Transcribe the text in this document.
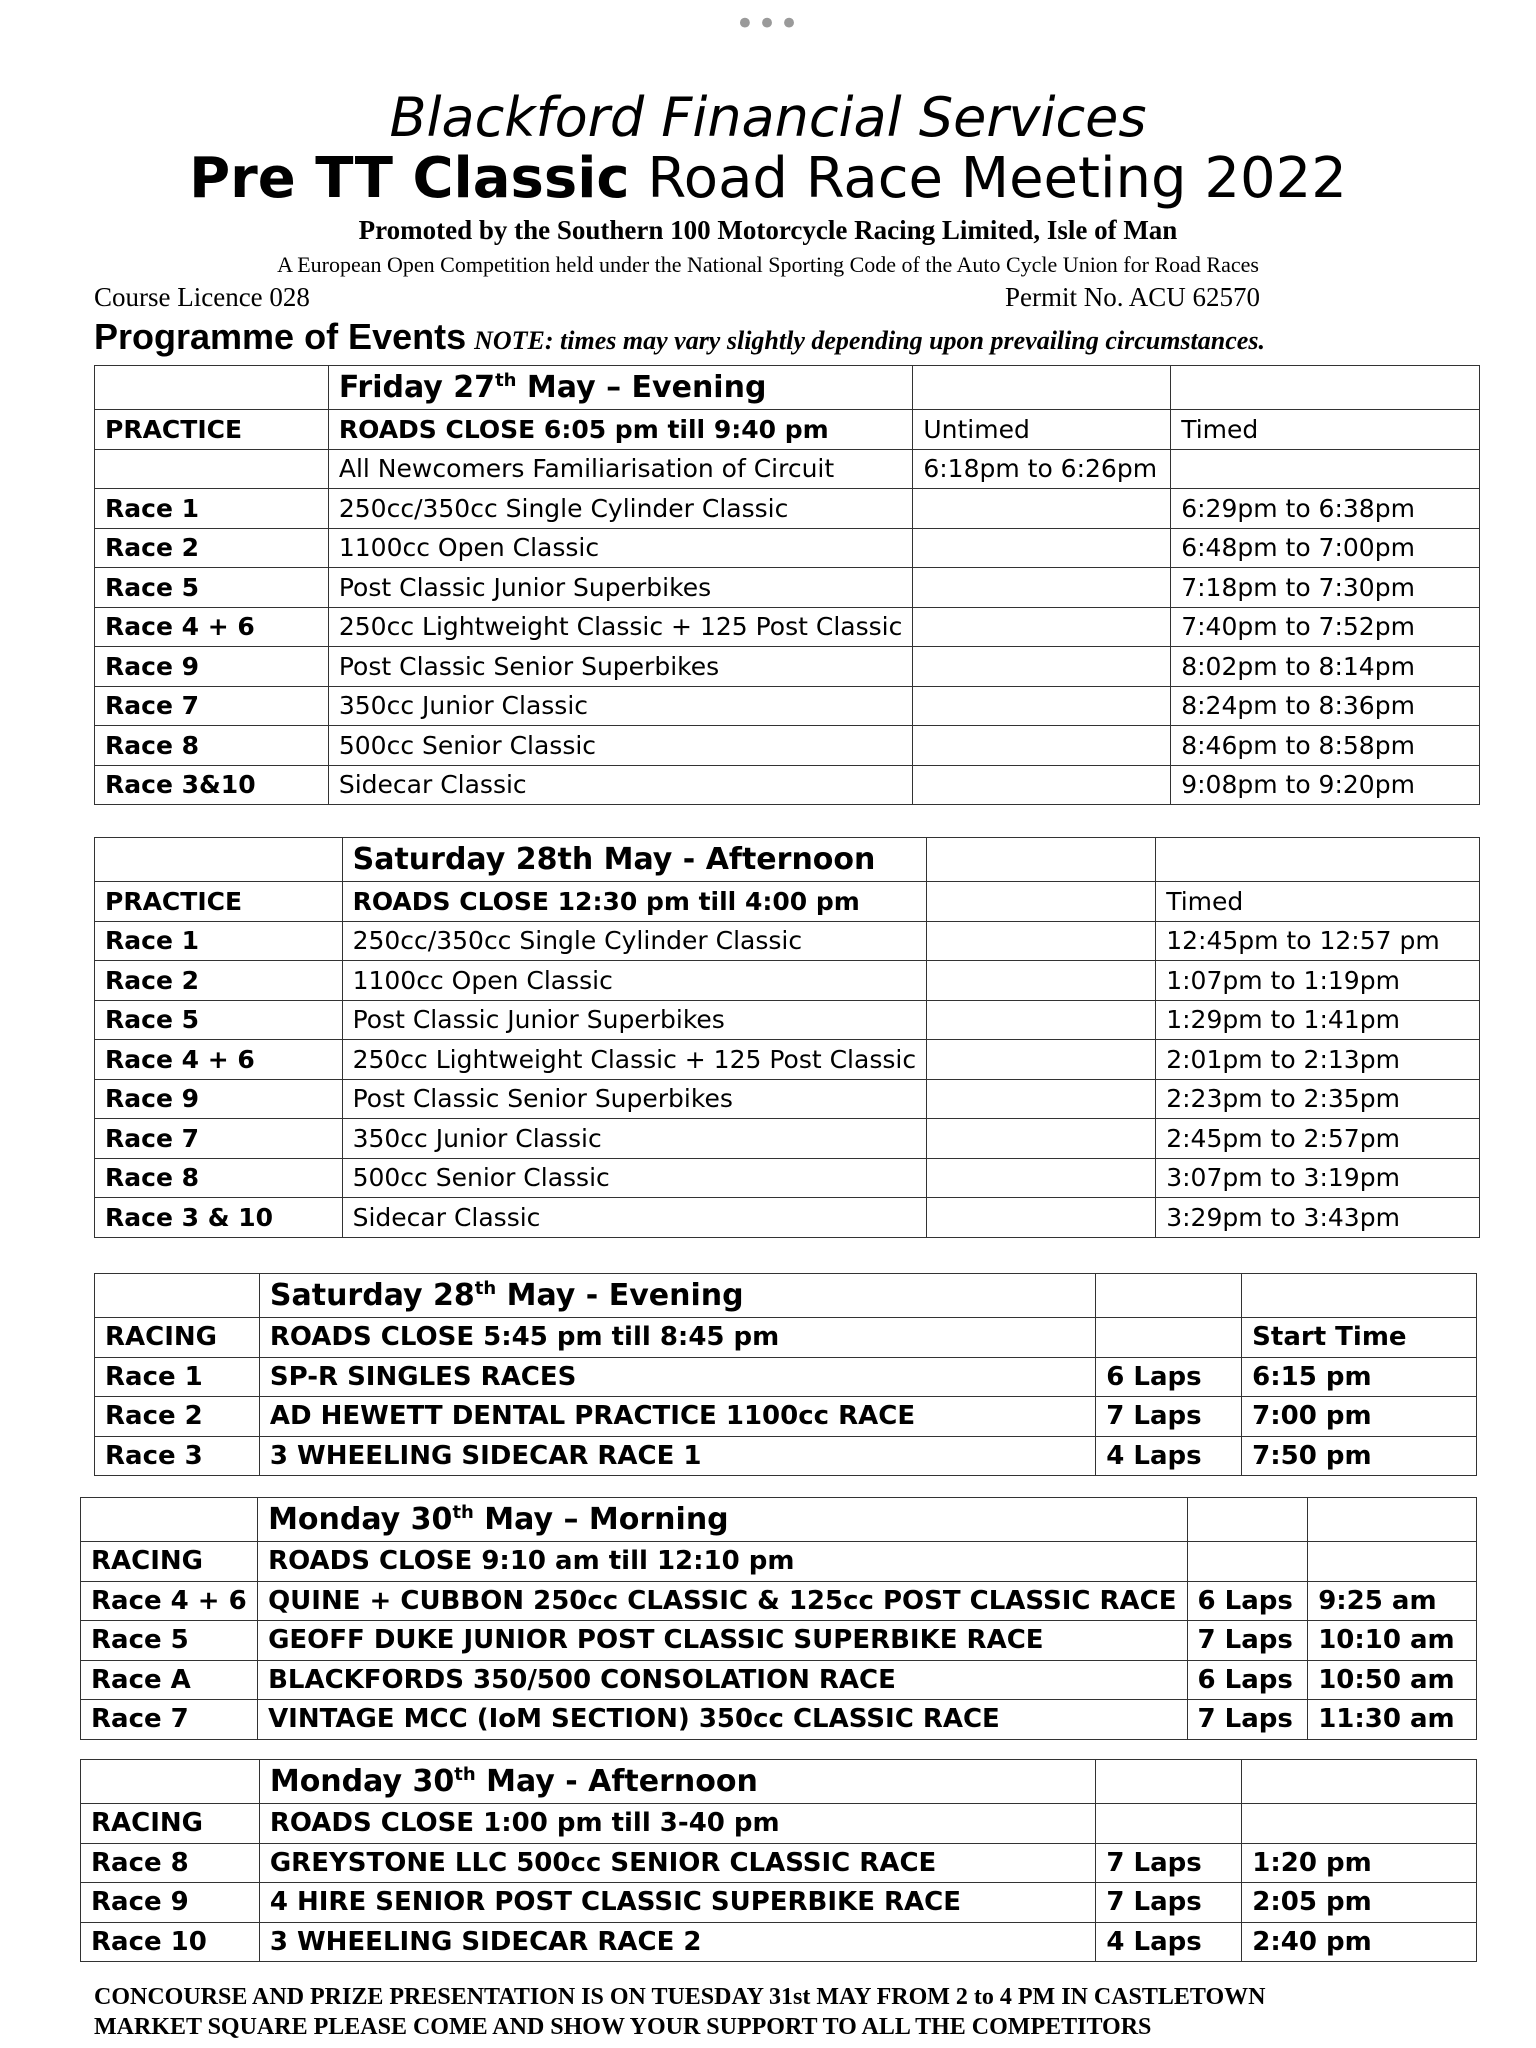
•••
Blackford Financial Services
Pre TT Classic Road Race Meeting 2022
Promoted by the Southern 100 Motorcycle Racing Limited, Isle of Man
A European Open Competition held under the National Sporting Code of the Auto Cycle Union for Road Races
Course Licence 028	Permit No. ACU 62570
Programme of Events NOTE: times may vary slightly depending upon prevailing circumstances.
	Friday 27th May – Evening		
PRACTICE	ROADS CLOSE 6:05 pm till 9:40 pm	Untimed	Timed
	All Newcomers Familiarisation of Circuit	6:18pm to 6:26pm	
Race 1	250cc/350cc Single Cylinder Classic		6:29pm to 6:38pm
Race 2	1100cc Open Classic		6:48pm to 7:00pm
Race 5	Post Classic Junior Superbikes		7:18pm to 7:30pm
Race 4 + 6	250cc Lightweight Classic + 125 Post Classic		7:40pm to 7:52pm
Race 9	Post Classic Senior Superbikes		8:02pm to 8:14pm
Race 7	350cc Junior Classic		8:24pm to 8:36pm
Race 8	500cc Senior Classic		8:46pm to 8:58pm
Race 3&10	Sidecar Classic		9:08pm to 9:20pm
	Saturday 28th May - Afternoon		
PRACTICE	ROADS CLOSE 12:30 pm till 4:00 pm		Timed
Race 1	250cc/350cc Single Cylinder Classic		12:45pm to 12:57 pm
Race 2	1100cc Open Classic		1:07pm to 1:19pm
Race 5	Post Classic Junior Superbikes		1:29pm to 1:41pm
Race 4 + 6	250cc Lightweight Classic + 125 Post Classic		2:01pm to 2:13pm
Race 9	Post Classic Senior Superbikes		2:23pm to 2:35pm
Race 7	350cc Junior Classic		2:45pm to 2:57pm
Race 8	500cc Senior Classic		3:07pm to 3:19pm
Race 3 & 10	Sidecar Classic		3:29pm to 3:43pm
	Saturday 28th May - Evening		
RACING	ROADS CLOSE 5:45 pm till 8:45 pm		Start Time
Race 1	SP-R SINGLES RACES	6 Laps	6:15 pm
Race 2	AD HEWETT DENTAL PRACTICE 1100cc RACE	7 Laps	7:00 pm
Race 3	3 WHEELING SIDECAR RACE 1	4 Laps	7:50 pm
	Monday 30th May – Morning		
RACING	ROADS CLOSE 9:10 am till 12:10 pm		
Race 4 + 6	QUINE + CUBBON 250cc CLASSIC & 125cc POST CLASSIC RACE	6 Laps	9:25 am
Race 5	GEOFF DUKE JUNIOR POST CLASSIC SUPERBIKE RACE	7 Laps	10:10 am
Race A	BLACKFORDS 350/500 CONSOLATION RACE	6 Laps	10:50 am
Race 7	VINTAGE MCC (IoM SECTION) 350cc CLASSIC RACE	7 Laps	11:30 am
	Monday 30th May - Afternoon		
RACING	ROADS CLOSE 1:00 pm till 3-40 pm		
Race 8	GREYSTONE LLC 500cc SENIOR CLASSIC RACE	7 Laps	1:20 pm
Race 9	4 HIRE SENIOR POST CLASSIC SUPERBIKE RACE	7 Laps	2:05 pm
Race 10	3 WHEELING SIDECAR RACE 2	4 Laps	2:40 pm
CONCOURSE AND PRIZE PRESENTATION IS ON TUESDAY 31st MAY FROM 2 to 4 PM IN CASTLETOWN
MARKET SQUARE PLEASE COME AND SHOW YOUR SUPPORT TO ALL THE COMPETITORS
